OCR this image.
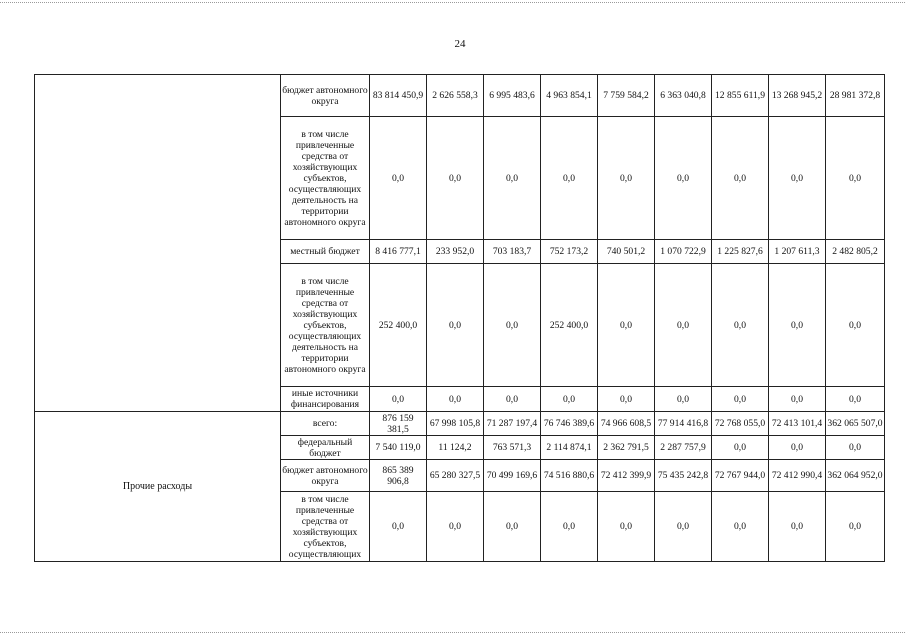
24
	бюджет автономного округа	83 814 450,9	2 626 558,3	6 995 483,6	4 963 854,1	7 759 584,2	6 363 040,8	12 855 611,9	13 268 945,2	28 981 372,8
	в том числе привлеченные средства от хозяйствующих субъектов, осуществляющих деятельность на территории автономного округа	0,0	0,0	0,0	0,0	0,0	0,0	0,0	0,0	0,0
	местный бюджет	8 416 777,1	233 952,0	703 183,7	752 173,2	740 501,2	1 070 722,9	1 225 827,6	1 207 611,3	2 482 805,2
	в том числе привлеченные средства от хозяйствующих субъектов, осуществляющих деятельность на территории автономного округа	252 400,0	0,0	0,0	252 400,0	0,0	0,0	0,0	0,0	0,0
	иные источники финансирования	0,0	0,0	0,0	0,0	0,0	0,0	0,0	0,0	0,0
Прочие расходы	всего:	876 159 381,5	67 998 105,8	71 287 197,4	76 746 389,6	74 966 608,5	77 914 416,8	72 768 055,0	72 413 101,4	362 065 507,0
	федеральный бюджет	7 540 119,0	11 124,2	763 571,3	2 114 874,1	2 362 791,5	2 287 757,9	0,0	0,0	0,0
	бюджет автономного округа	865 389 906,8	65 280 327,5	70 499 169,6	74 516 880,6	72 412 399,9	75 435 242,8	72 767 944,0	72 412 990,4	362 064 952,0
	в том числе привлеченные средства от хозяйствующих субъектов, осуществляющих	0,0	0,0	0,0	0,0	0,0	0,0	0,0	0,0	0,0
